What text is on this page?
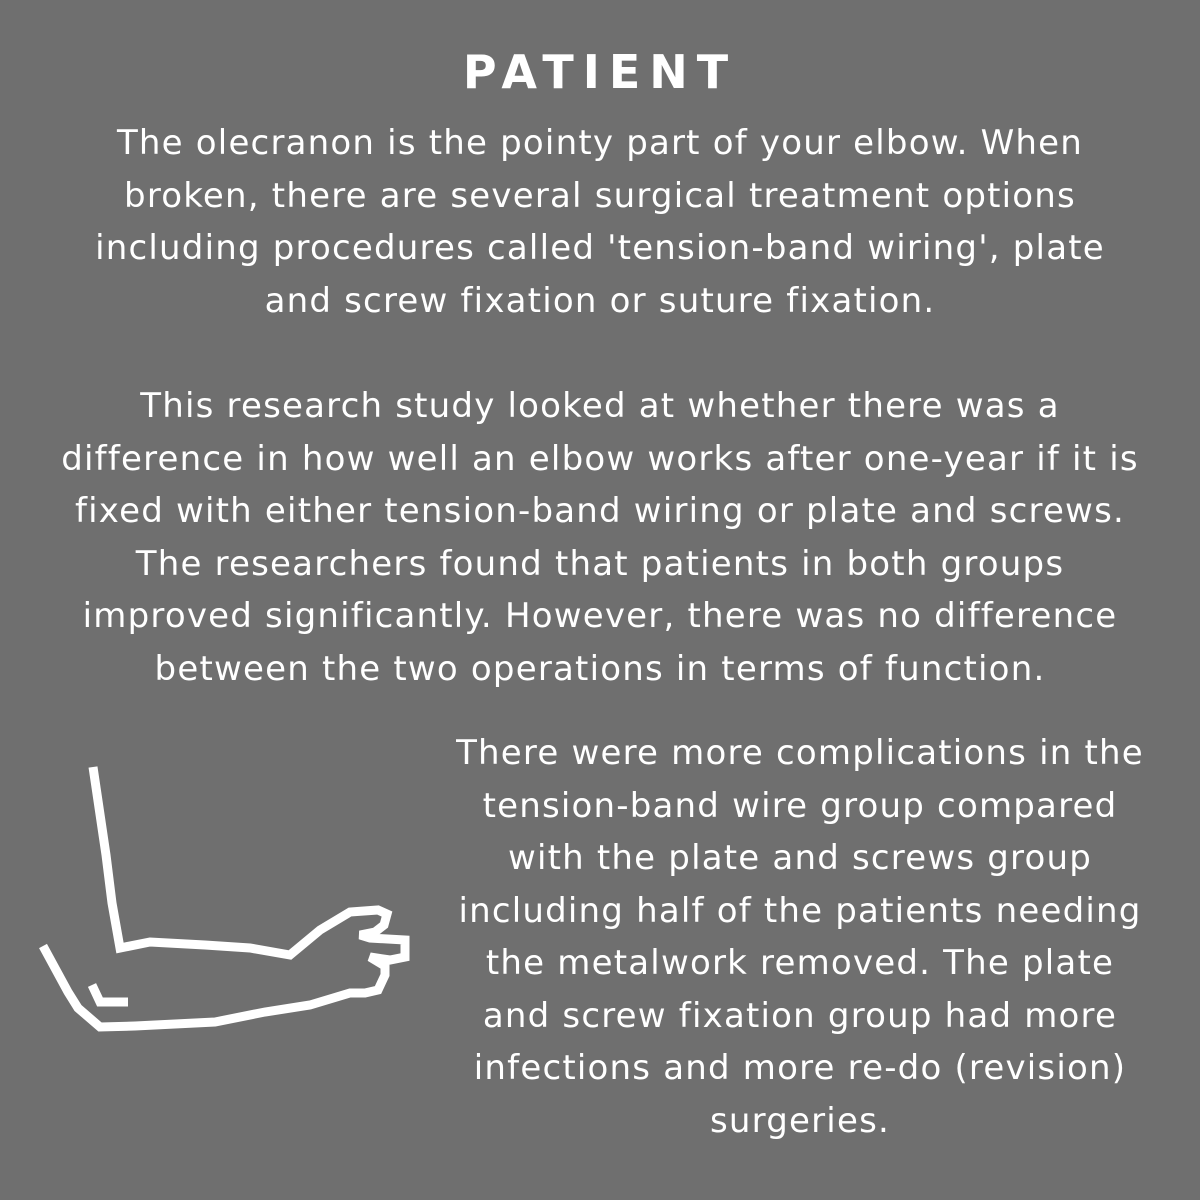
PATIENT

The olecranon is the pointy part of your elbow. When
broken, there are several surgical treatment options
including procedures called 'tension-band wiring', plate
and screw fixation or suture fixation.

This research study looked at whether there was a
difference in how well an elbow works after one-year if it is
fixed with either tension-band wiring or plate and screws.
The researchers found that patients in both groups
improved significantly. However, there was no difference
between the two operations in terms of function.

There were more complications in the
tension-band wire group compared
with the plate and screws group
including half of the patients needing
the metalwork removed. The plate
and screw fixation group had more
infections and more re-do (revision)
surgeries.
